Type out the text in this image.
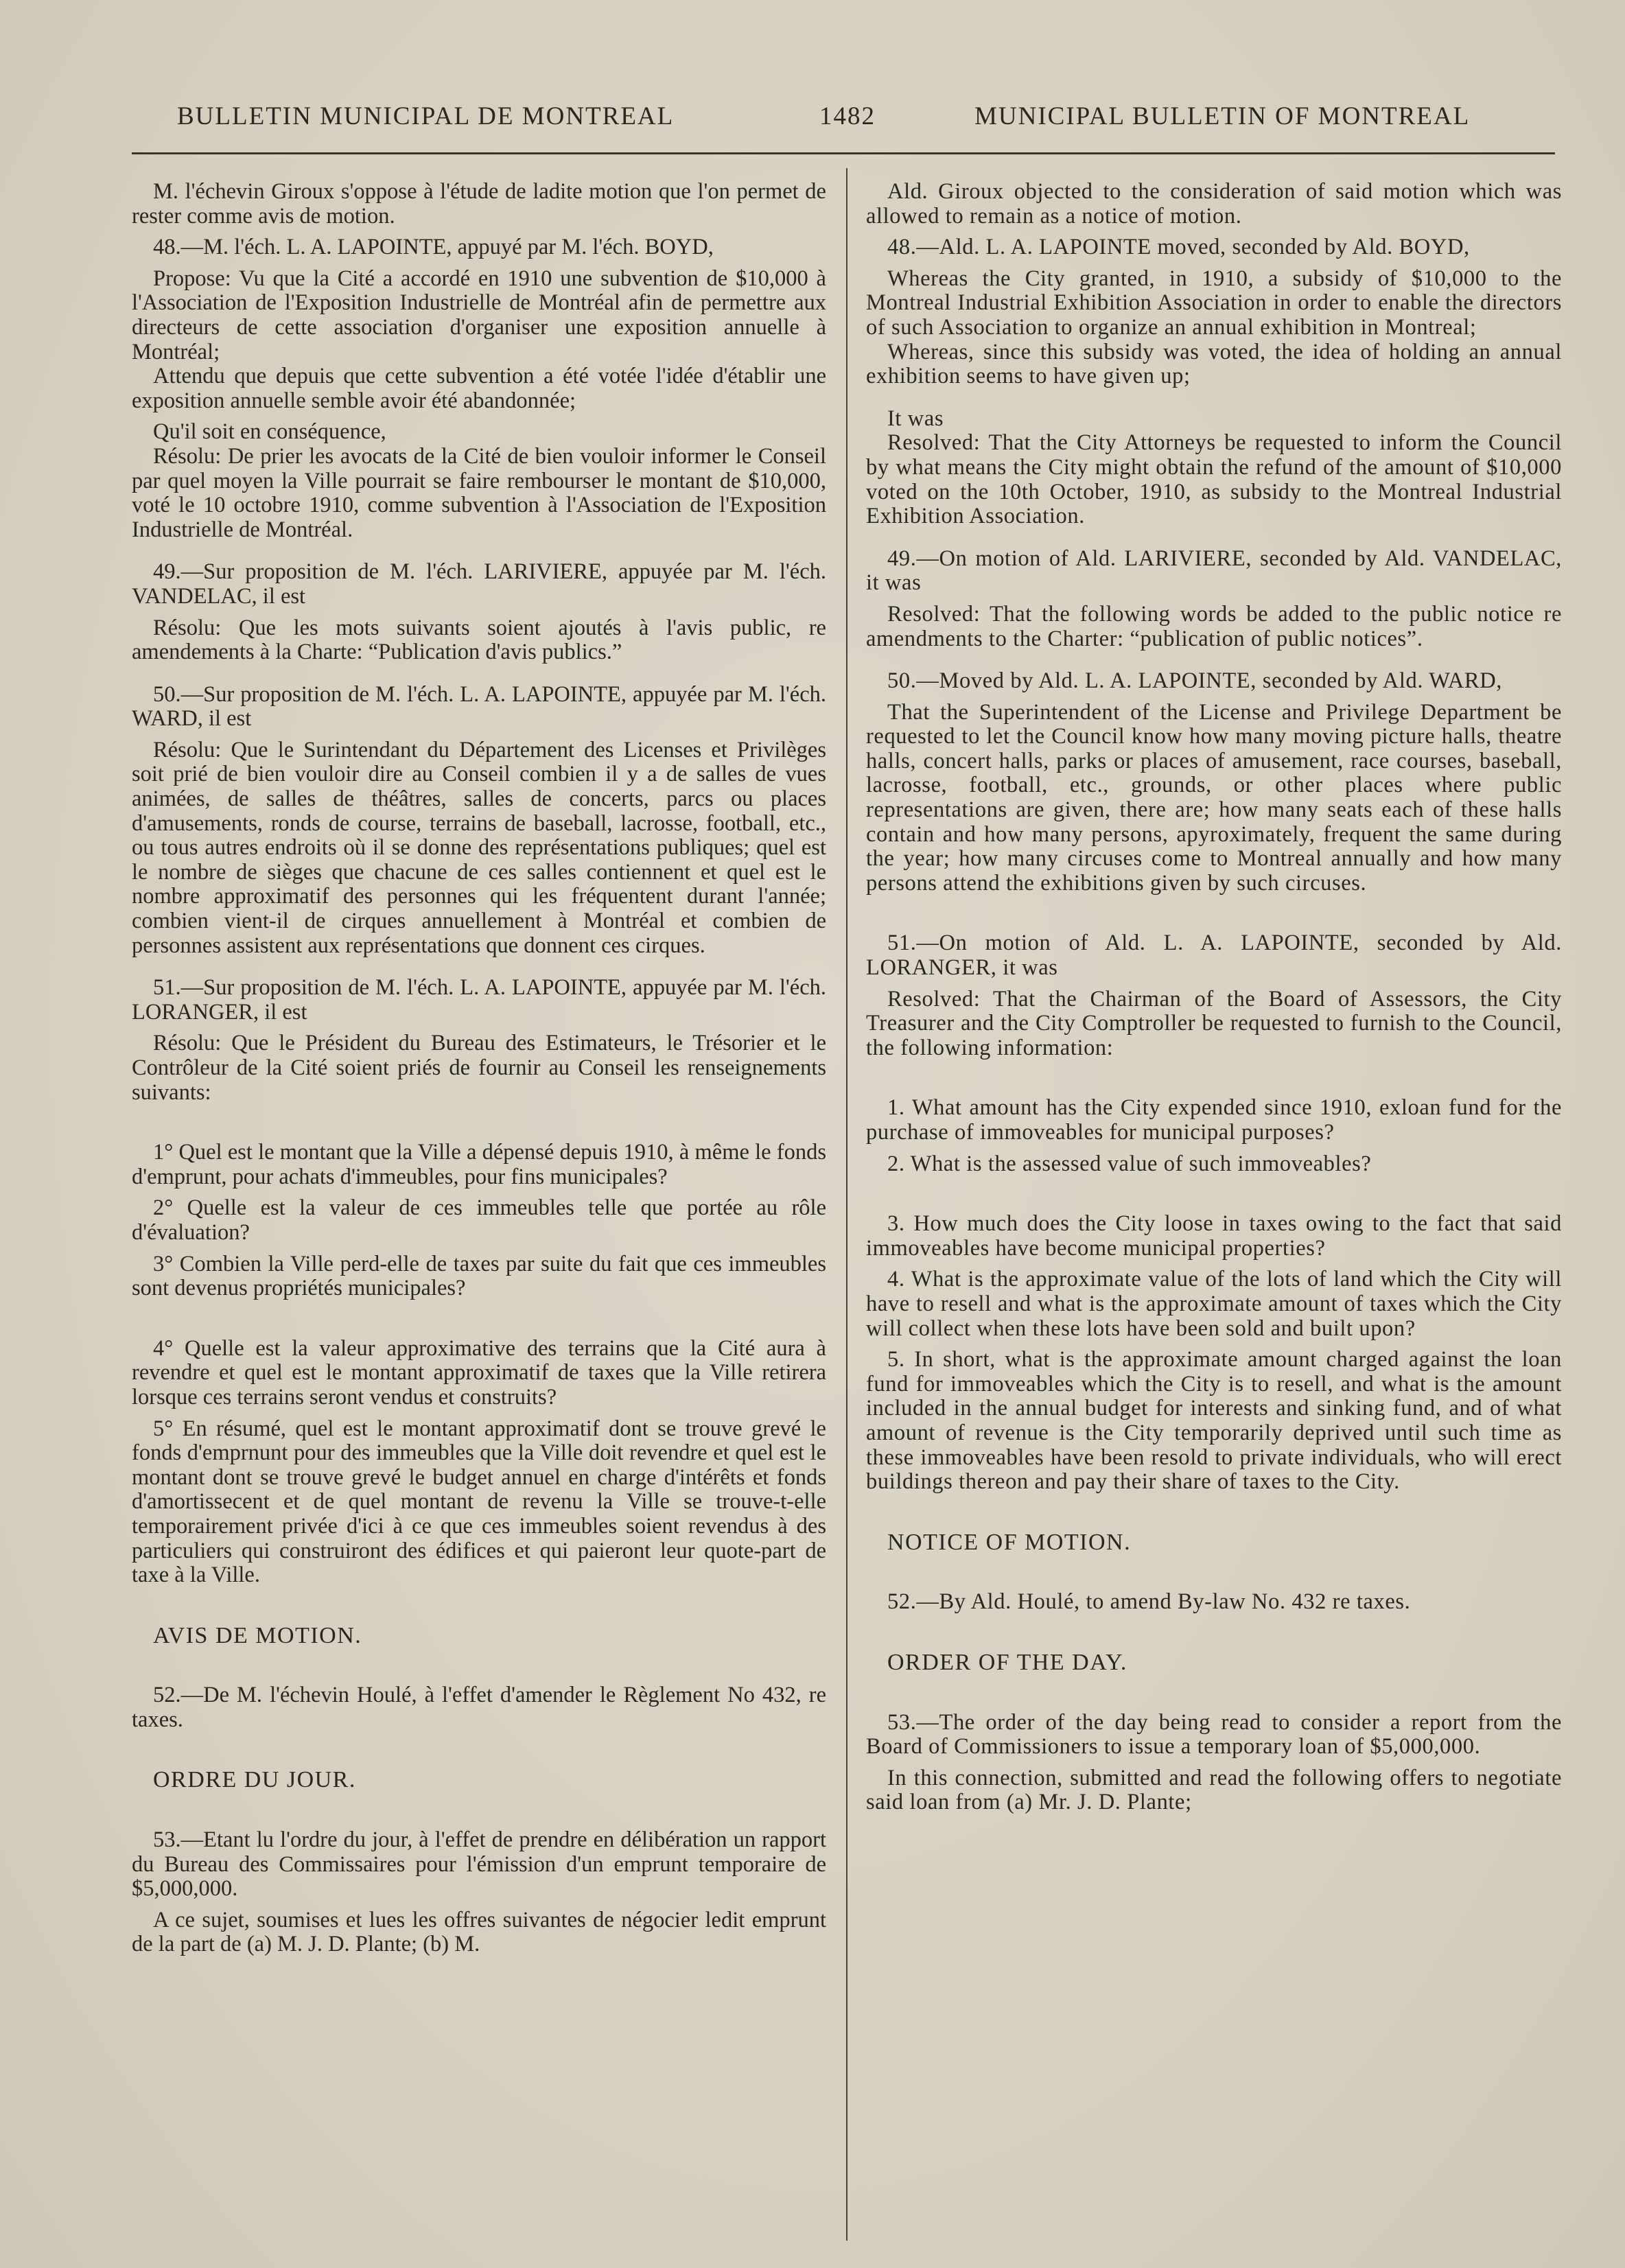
BULLETIN MUNICIPAL DE MONTREAL	1482	MUNICIPAL BULLETIN OF MONTREAL

M. l'échevin Giroux s'oppose à l'étude de ladite motion que l'on permet de rester comme avis de motion.

48.—M. l'éch. L. A. LAPOINTE, appuyé par M. l'éch. BOYD,

Propose: Vu que la Cité a accordé en 1910 une subvention de $10,000 à l'Association de l'Exposition Industrielle de Montréal afin de permettre aux directeurs de cette association d'organiser une exposition annuelle à Montréal;

Attendu que depuis que cette subvention a été votée l'idée d'établir une exposition annuelle semble avoir été abandonnée;

Qu'il soit en conséquence,

Résolu: De prier les avocats de la Cité de bien vouloir informer le Conseil par quel moyen la Ville pourrait se faire rembourser le montant de $10,000, voté le 10 octobre 1910, comme subvention à l'Association de l'Exposition Industrielle de Montréal.

49.—Sur proposition de M. l'éch. LARIVIERE, appuyée par M. l'éch. VANDELAC, il est

Résolu: Que les mots suivants soient ajoutés à l'avis public, re amendements à la Charte: “Publication d'avis publics.”

50.—Sur proposition de M. l'éch. L. A. LAPOINTE, appuyée par M. l'éch. WARD, il est

Résolu: Que le Surintendant du Département des Licenses et Privilèges soit prié de bien vouloir dire au Conseil combien il y a de salles de vues animées, de salles de théâtres, salles de concerts, parcs ou places d'amusements, ronds de course, terrains de baseball, lacrosse, football, etc., ou tous autres endroits où il se donne des représentations publiques; quel est le nombre de sièges que chacune de ces salles contiennent et quel est le nombre approximatif des personnes qui les fréquentent durant l'année; combien vient-il de cirques annuellement à Montréal et combien de personnes assistent aux représentations que donnent ces cirques.

51.—Sur proposition de M. l'éch. L. A. LAPOINTE, appuyée par M. l'éch. LORANGER, il est

Résolu: Que le Président du Bureau des Estimateurs, le Trésorier et le Contrôleur de la Cité soient priés de fournir au Conseil les renseignements suivants:

1° Quel est le montant que la Ville a dépensé depuis 1910, à même le fonds d'emprunt, pour achats d'immeubles, pour fins municipales?

2° Quelle est la valeur de ces immeubles telle que portée au rôle d'évaluation?

3° Combien la Ville perd-elle de taxes par suite du fait que ces immeubles sont devenus propriétés municipales?

4° Quelle est la valeur approximative des terrains que la Cité aura à revendre et quel est le montant approximatif de taxes que la Ville retirera lorsque ces terrains seront vendus et construits?

5° En résumé, quel est le montant approximatif dont se trouve grevé le fonds d'emprnunt pour des immeubles que la Ville doit revendre et quel est le montant dont se trouve grevé le budget annuel en charge d'intérêts et fonds d'amortissecent et de quel montant de revenu la Ville se trouve-t-elle temporairement privée d'ici à ce que ces immeubles soient revendus à des particuliers qui construiront des édifices et qui paieront leur quote-part de taxe à la Ville.

AVIS DE MOTION.

52.—De M. l'échevin Houlé, à l'effet d'amender le Règlement No 432, re taxes.

ORDRE DU JOUR.

53.—Etant lu l'ordre du jour, à l'effet de prendre en délibération un rapport du Bureau des Commissaires pour l'émission d'un emprunt temporaire de $5,000,000.

A ce sujet, soumises et lues les offres suivantes de négocier ledit emprunt de la part de (a) M. J. D. Plante; (b) M.

Ald. Giroux objected to the consideration of said motion which was allowed to remain as a notice of motion.

48.—Ald. L. A. LAPOINTE moved, seconded by Ald. BOYD,

Whereas the City granted, in 1910, a subsidy of $10,000 to the Montreal Industrial Exhibition Association in order to enable the directors of such Association to organize an annual exhibition in Montreal;

Whereas, since this subsidy was voted, the idea of holding an annual exhibition seems to have given up;

It was

Resolved: That the City Attorneys be requested to inform the Council by what means the City might obtain the refund of the amount of $10,000 voted on the 10th October, 1910, as subsidy to the Montreal Industrial Exhibition Association.

49.—On motion of Ald. LARIVIERE, seconded by Ald. VANDELAC, it was

Resolved: That the following words be added to the public notice re amendments to the Charter: “publication of public notices”.

50.—Moved by Ald. L. A. LAPOINTE, seconded by Ald. WARD,

That the Superintendent of the License and Privilege Department be requested to let the Council know how many moving picture halls, theatre halls, concert halls, parks or places of amusement, race courses, baseball, lacrosse, football, etc., grounds, or other places where public representations are given, there are; how many seats each of these halls contain and how many persons, apyroximately, frequent the same during the year; how many circuses come to Montreal annually and how many persons attend the exhibitions given by such circuses.

51.—On motion of Ald. L. A. LAPOINTE, seconded by Ald. LORANGER, it was

Resolved: That the Chairman of the Board of Assessors, the City Treasurer and the City Comptroller be requested to furnish to the Council, the following information:

1. What amount has the City expended since 1910, exloan fund for the purchase of immoveables for municipal purposes?

2. What is the assessed value of such immoveables?

3. How much does the City loose in taxes owing to the fact that said immoveables have become municipal properties?

4. What is the approximate value of the lots of land which the City will have to resell and what is the approximate amount of taxes which the City will collect when these lots have been sold and built upon?

5. In short, what is the approximate amount charged against the loan fund for immoveables which the City is to resell, and what is the amount included in the annual budget for interests and sinking fund, and of what amount of revenue is the City temporarily deprived until such time as these immoveables have been resold to private individuals, who will erect buildings thereon and pay their share of taxes to the City.

NOTICE OF MOTION.

52.—By Ald. Houlé, to amend By-law No. 432 re taxes.

ORDER OF THE DAY.

53.—The order of the day being read to consider a report from the Board of Commissioners to issue a temporary loan of $5,000,000.

In this connection, submitted and read the following offers to negotiate said loan from (a) Mr. J. D. Plante;
